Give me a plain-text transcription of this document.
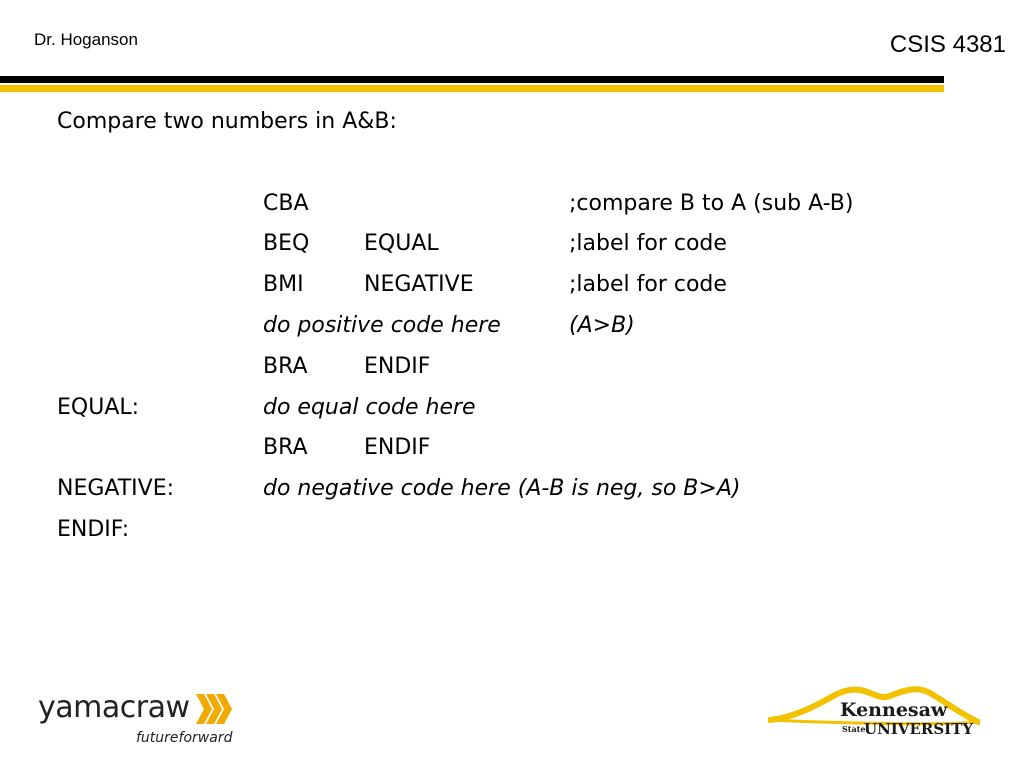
Dr. Hoganson	CSIS 4381
Compare two numbers in A&B:
CBA	;compare B to A (sub A-B)
BEQ EQUAL	;label for code
BMI	NEGATIVE	;label for code
do positive code here	(A>B)
BRA	ENDIF
EQUAL:	do equal code here
BRA	ENDIF
NEGATIVE:	do negative code here (A-B is neg, so B>A)
ENDIF:
yamacraw
futureforward
Kennesaw
State
UNIVERSITY
